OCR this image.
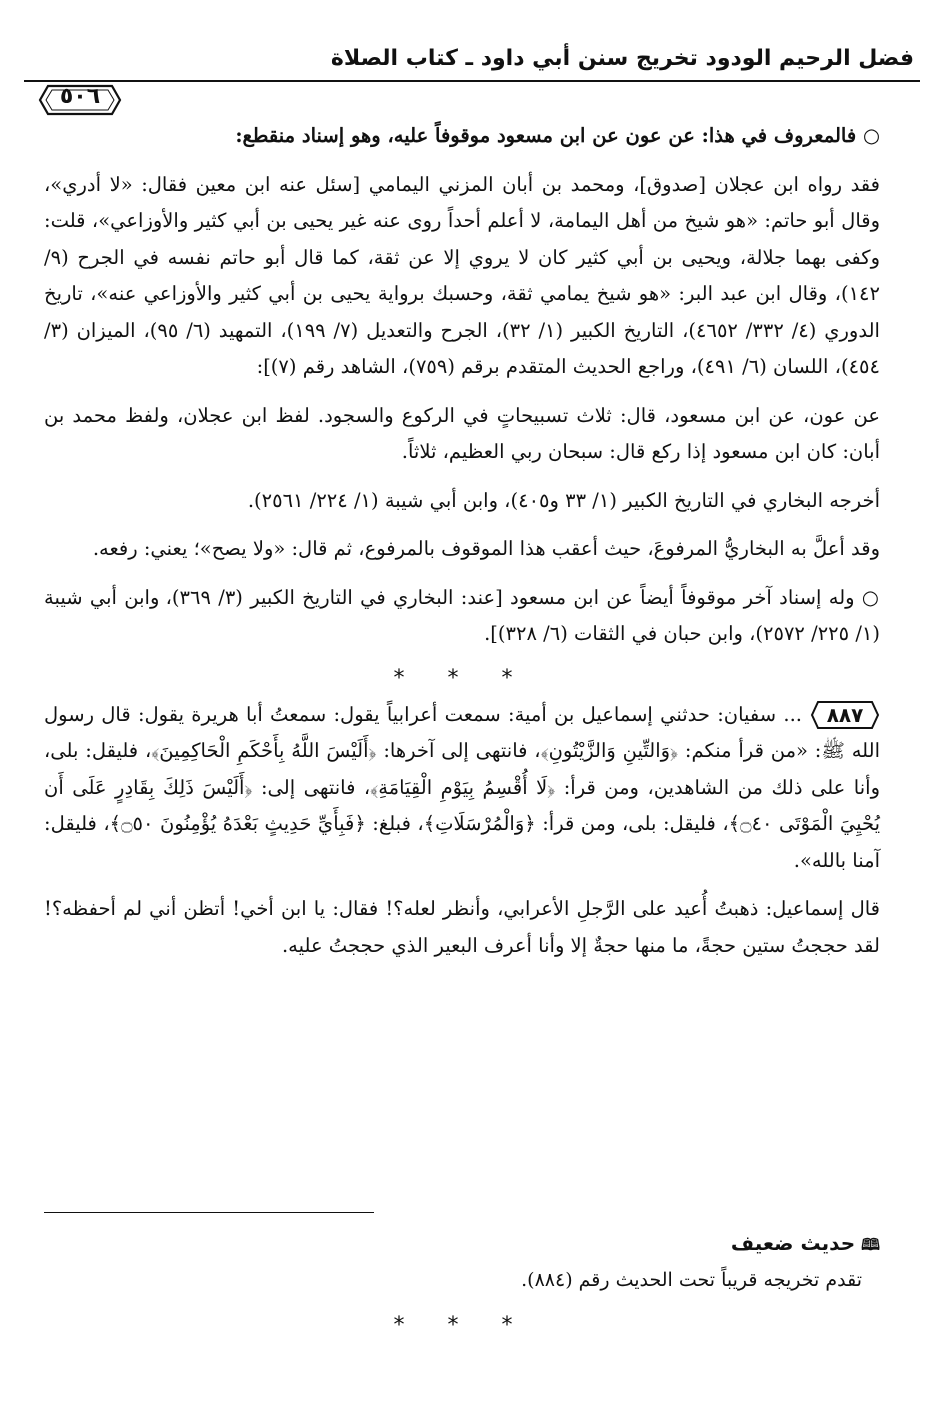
فضل الرحيم الودود تخريج سنن أبي داود ـ كتاب الصلاة
٥٠٦

○ فالمعروف في هذا: عن عون عن ابن مسعود موقوفاً عليه، وهو إسناد منقطع:

فقد رواه ابن عجلان [صدوق]، ومحمد بن أبان المزني اليمامي [سئل عنه ابن معين فقال: «لا أدري»، وقال أبو حاتم: «هو شيخ من أهل اليمامة، لا أعلم أحداً روى عنه غير يحيى بن أبي كثير والأوزاعي»، قلت: وكفى بهما جلالة، ويحيى بن أبي كثير كان لا يروي إلا عن ثقة، كما قال أبو حاتم نفسه في الجرح (٩/ ١٤٢)، وقال ابن عبد البر: «هو شيخ يمامي ثقة، وحسبك برواية يحيى بن أبي كثير والأوزاعي عنه»، تاريخ الدوري (٤/ ٣٣٢/ ٤٦٥٢)، التاريخ الكبير (١/ ٣٢)، الجرح والتعديل (٧/ ١٩٩)، التمهيد (٦/ ٩٥)، الميزان (٣/ ٤٥٤)، اللسان (٦/ ٤٩١)، وراجع الحديث المتقدم برقم (٧٥٩)، الشاهد رقم (٧)]:

عن عون، عن ابن مسعود، قال: ثلاث تسبيحاتٍ في الركوع والسجود. لفظ ابن عجلان، ولفظ محمد بن أبان: كان ابن مسعود إذا ركع قال: سبحان ربي العظيم، ثلاثاً.

أخرجه البخاري في التاريخ الكبير (١/ ٣٣ و٤٠٥)، وابن أبي شيبة (١/ ٢٢٤/ ٢٥٦١).

وقد أعلَّ به البخاريُّ المرفوعَ، حيث أعقب هذا الموقوف بالمرفوع، ثم قال: «ولا يصح»؛ يعني: رفعه.

○ وله إسناد آخر موقوفاً أيضاً عن ابن مسعود [عند: البخاري في التاريخ الكبير (٣/ ٣٦٩)، وابن أبي شيبة (١/ ٢٢٥/ ٢٥٧٢)، وابن حبان في الثقات (٦/ ٣٢٨)].

* * *

٨٨٧
... سفيان: حدثني إسماعيل بن أمية: سمعت أعرابياً يقول: سمعتُ أبا هريرة يقول: قال رسول الله ﷺ: «من قرأ منكم: ﴿وَالتِّينِ وَالزَّيْتُونِ﴾، فانتهى إلى آخرها: ﴿أَلَيْسَ اللَّهُ بِأَحْكَمِ الْحَاكِمِينَ﴾، فليقل: بلى، وأنا على ذلك من الشاهدين، ومن قرأ: ﴿لَا أُقْسِمُ بِيَوْمِ الْقِيَامَةِ﴾، فانتهى إلى: ﴿أَلَيْسَ ذَلِكَ بِقَادِرٍ عَلَى أَن يُحْيِيَ الْمَوْتَى ۝٤٠﴾، فليقل: بلى، ومن قرأ: ﴿وَالْمُرْسَلَاتِ﴾، فبلغ: ﴿فَبِأَيِّ حَدِيثٍ بَعْدَهُ يُؤْمِنُونَ ۝٥٠﴾، فليقل: آمنا بالله».

قال إسماعيل: ذهبتُ أُعيد على الرَّجلِ الأعرابي، وأنظر لعله؟! فقال: يا ابن أخي! أتظن أني لم أحفظه؟! لقد حججتُ ستين حجةً، ما منها حجةٌ إلا وأنا أعرف البعير الذي حججتُ عليه.

🕮حديث ضعيف
تقدم تخريجه قريباً تحت الحديث رقم (٨٨٤).
* * *
